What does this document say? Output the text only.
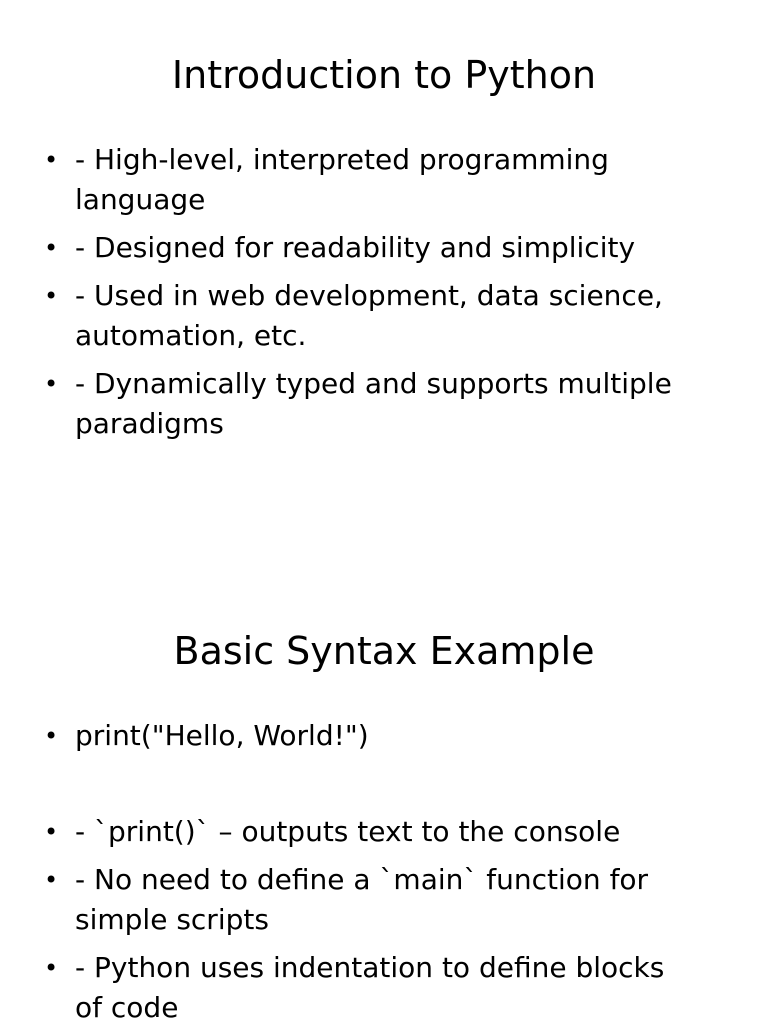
Introduction to Python
• - High-level, interpreted programming language
• - Designed for readability and simplicity
• - Used in web development, data science, automation, etc.
• - Dynamically typed and supports multiple paradigms
Basic Syntax Example
• print("Hello, World!")
• - `print()` – outputs text to the console
• - No need to define a `main` function for simple scripts
• - Python uses indentation to define blocks of code
